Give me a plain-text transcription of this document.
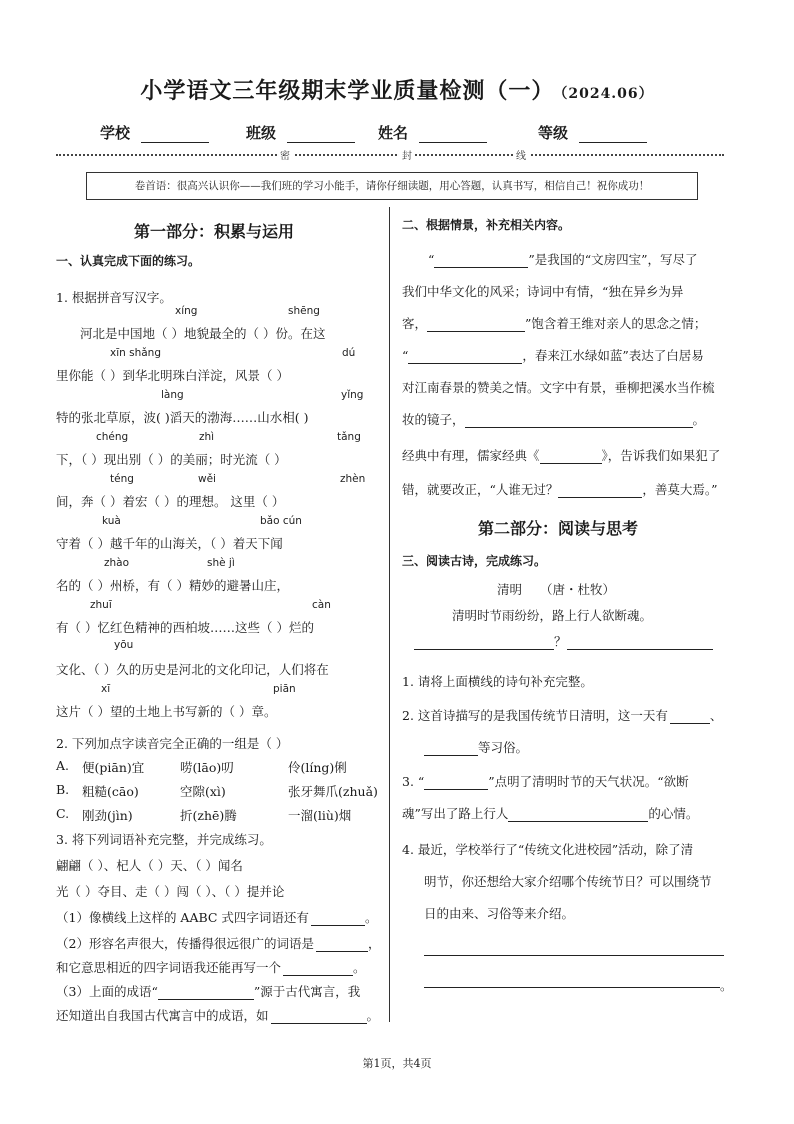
小学语文三年级期末学业质量检测（一） （2024.06）
学校	班级	姓名	等级
密	封	线
卷首语：很高兴认识你——我们班的学习小能手，请你仔细读题，用心答题，认真书写，相信自己！祝你成功！
第一部分：积累与运用
一、认真完成下面的练习。
1. 根据拼音写汉字。
xíng	shēng
xīn shǎng	dú
làng	yǐng
chéng	zhì	tǎng
téng	wěi	zhèn
kuà	bǎo cún
zhào	shè jì
zhuī	càn
yōu
xī	piān
河北是中国地（ ）地貌最全的（ ）份。在这
里你能（ ）到华北明珠白洋淀，风景（ ）
特的张北草原，波( )滔天的渤海……山水相( )
下，（ ）现出别（ ）的美丽；时光流（ ）
间，奔（ ）着宏（ ）的理想。 这里（ ）
守着（ ）越千年的山海关，（ ）着天下闻
名的（ ）州桥，有（ ）精妙的避暑山庄，
有（ ）忆红色精神的西柏坡……这些（ ）烂的
文化、（ ）久的历史是河北的文化印记，人们将在
这片（ ）望的土地上书写新的（ ）章。
2. 下列加点字读音完全正确的一组是（ ）
A. 便(piān)宜	唠(lāo)叨	伶(líng)俐
B. 粗糙(cāo)	空隙(xì)	张牙舞爪(zhuǎ)
C. 刚劲(jìn)	折(zhē)腾	一溜(liù)烟
3. 将下列词语补充完整，并完成练习。
翩翩（ ）、杞人（ ）天、（ ）闻名
光（ ）夺目、走（ ）闯（ ）、（ ）提并论
（1）像横线上这样的 AABC 式四字词语还有	。
（2）形容名声很大，传播得很远很广的词语是	，
和它意思相近的四字词语我还能再写一个	。
（3）上面的成语“	”源于古代寓言，我
还知道出自我国古代寓言中的成语，如	。
二、根据情景，补充相关内容。
“	”是我国的“文房四宝”，写尽了
我们中华文化的风采；诗词中有情，“独在异乡为异
客，	”饱含着王维对亲人的思念之情；
“	，春来江水绿如蓝”表达了白居易
对江南春景的赞美之情。文字中有景，垂柳把溪水当作梳
妆的镜子，	。
经典中有理，儒家经典《	》，告诉我们如果犯了
错，就要改正，“人谁无过？	，善莫大焉。”
第二部分：阅读与思考
三、阅读古诗，完成练习。
清明 （唐・杜牧）
清明时节雨纷纷，路上行人欲断魂。
？
1. 请将上面横线的诗句补充完整。
2. 这首诗描写的是我国传统节日清明，这一天有	、
等习俗。
3. “	”点明了清明时节的天气状况。“欲断
魂”写出了路上行人	的心情。
4. 最近，学校举行了“传统文化进校园”活动，除了清
明节，你还想给大家介绍哪个传统节日？可以围绕节
日的由来、习俗等来介绍。
。
第1页，共4页
